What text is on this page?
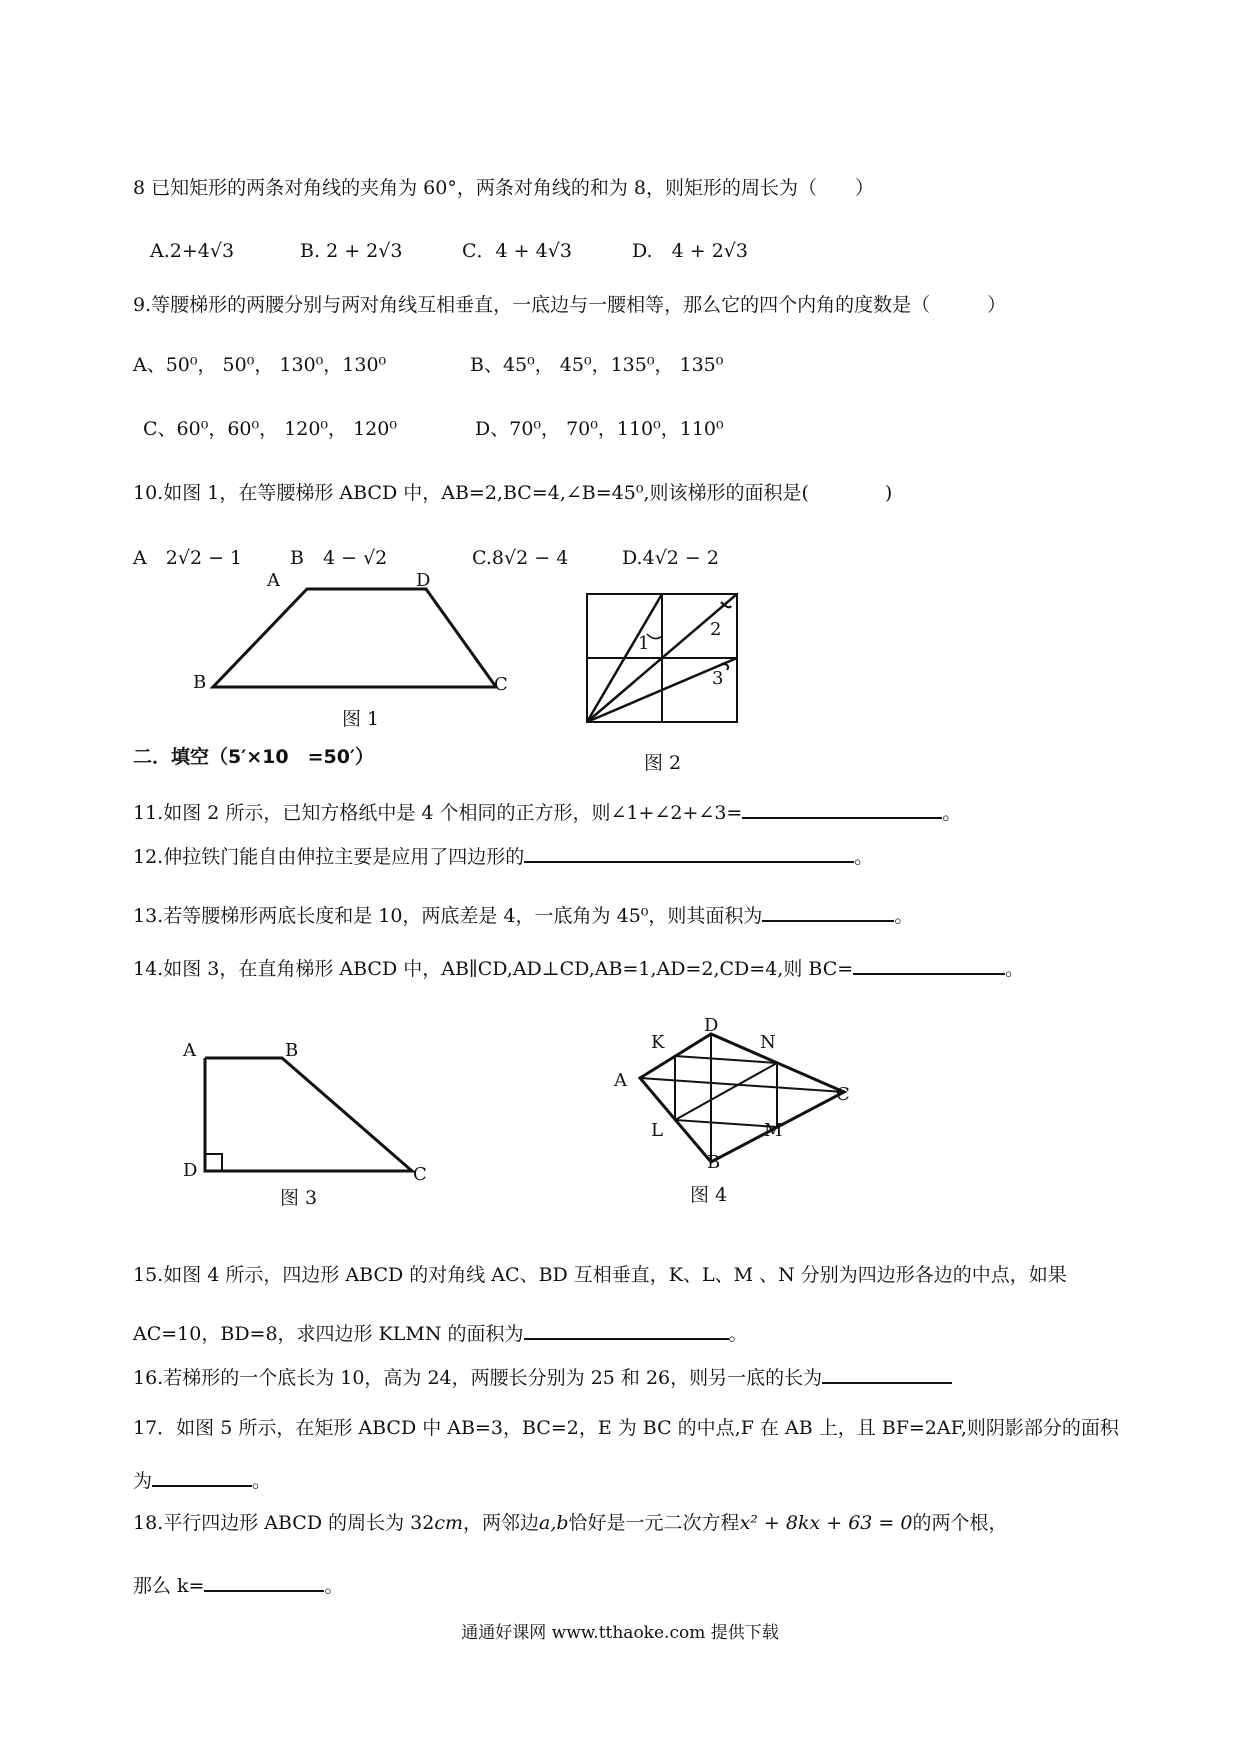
8 已知矩形的两条对角线的夹角为 60°，两条对角线的和为 8，则矩形的周长为（　　）
A.2+4√3	B. 2 + 2√3	C．4 + 4√3	D.　 4 + 2√3
9.等腰梯形的两腰分别与两对角线互相垂直，一底边与一腰相等，那么它的四个内角的度数是（　　　）
A、50⁰， 50⁰， 130⁰，130⁰	B、45⁰， 45⁰，135⁰， 135⁰
C、60⁰，60⁰， 120⁰， 120⁰	D、70⁰， 70⁰，110⁰，110⁰
10.如图 1，在等腰梯形 ABCD 中，AB=2,BC=4,∠B=45⁰,则该梯形的面积是(　　　　)
A　 2√2 − 1	B　 4 − √2	C.8√2 − 4	D.4√2 − 2
A	D
B	C
图 1
1
2
3
图 2
二．填空（5′×10　=50′）
11.如图 2 所示，已知方格纸中是 4 个相同的正方形，则∠1+∠2+∠3=	。
12.伸拉铁门能自由伸拉主要是应用了四边形的	。
13.若等腰梯形两底长度和是 10，两底差是 4，一底角为 45⁰，则其面积为	。
14.如图 3，在直角梯形 ABCD 中，AB∥CD,AD⊥CD,AB=1,AD=2,CD=4,则 BC=	。
A	B
D	C
图 3
A
D
K	N
C
L	M
B
图 4
15.如图 4 所示，四边形 ABCD 的对角线 AC、BD 互相垂直，K、L、M 、N 分别为四边形各边的中点，如果
AC=10，BD=8，求四边形 KLMN 的面积为	。
16.若梯形的一个底长为 10，高为 24，两腰长分别为 25 和 26，则另一底的长为
17．如图 5 所示，在矩形 ABCD 中 AB=3，BC=2，E 为 BC 的中点,F 在 AB 上，且 BF=2AF,则阴影部分的面积
为	。
18.平行四边形 ABCD 的周长为 32cm，两邻边a,b恰好是一元二次方程x² + 8kx + 63 = 0的两个根，
那么 k=	。
通通好课网 www.tthaoke.com 提供下载
